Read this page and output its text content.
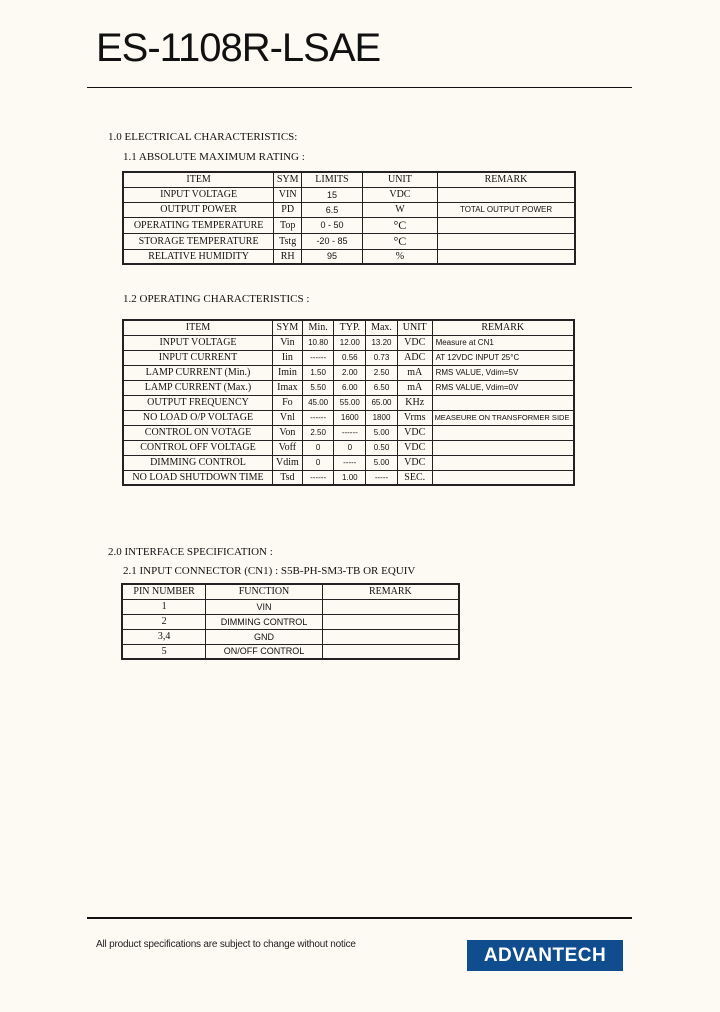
ES-1108R-LSAE
1.0 ELECTRICAL CHARACTERISTICS:
1.1 ABSOLUTE MAXIMUM RATING :
ITEM	SYM	LIMITS	UNIT	REMARK
INPUT VOLTAGE	VIN	15	VDC	
OUTPUT POWER	PD	6.5	W	TOTAL OUTPUT POWER
OPERATING TEMPERATURE	Top	0 - 50	°C	
STORAGE TEMPERATURE	Tstg	-20 - 85	°C	
RELATIVE HUMIDITY	RH	95	%	
1.2 OPERATING CHARACTERISTICS :
ITEM	SYM	Min.	TYP.	Max.	UNIT	REMARK
INPUT VOLTAGE	Vin	10.80	12.00	13.20	VDC	Measure at CN1
INPUT CURRENT	Iin	------	0.56	0.73	ADC	AT 12VDC INPUT 25°C
LAMP CURRENT (Min.)	Imin	1.50	2.00	2.50	mA	RMS VALUE, Vdim=5V
LAMP CURRENT (Max.)	Imax	5.50	6.00	6.50	mA	RMS VALUE, Vdim=0V
OUTPUT FREQUENCY	Fo	45.00	55.00	65.00	KHz	
NO LOAD O/P VOLTAGE	Vnl	------	1600	1800	Vrms	MEASEURE ON TRANSFORMER SIDE
CONTROL ON VOTAGE	Von	2.50	------	5.00	VDC	
CONTROL OFF VOLTAGE	Voff	0	0	0.50	VDC	
DIMMING CONTROL	Vdim	0	-----	5.00	VDC	
NO LOAD SHUTDOWN TIME	Tsd	------	1.00	-----	SEC.	
2.0 INTERFACE SPECIFICATION :
2.1 INPUT CONNECTOR (CN1) : S5B-PH-SM3-TB OR EQUIV
PIN NUMBER	FUNCTION	REMARK
1	VIN	
2	DIMMING CONTROL	
3,4	GND	
5	ON/OFF CONTROL	
All product specifications are subject to change without notice	ADVANTECH
